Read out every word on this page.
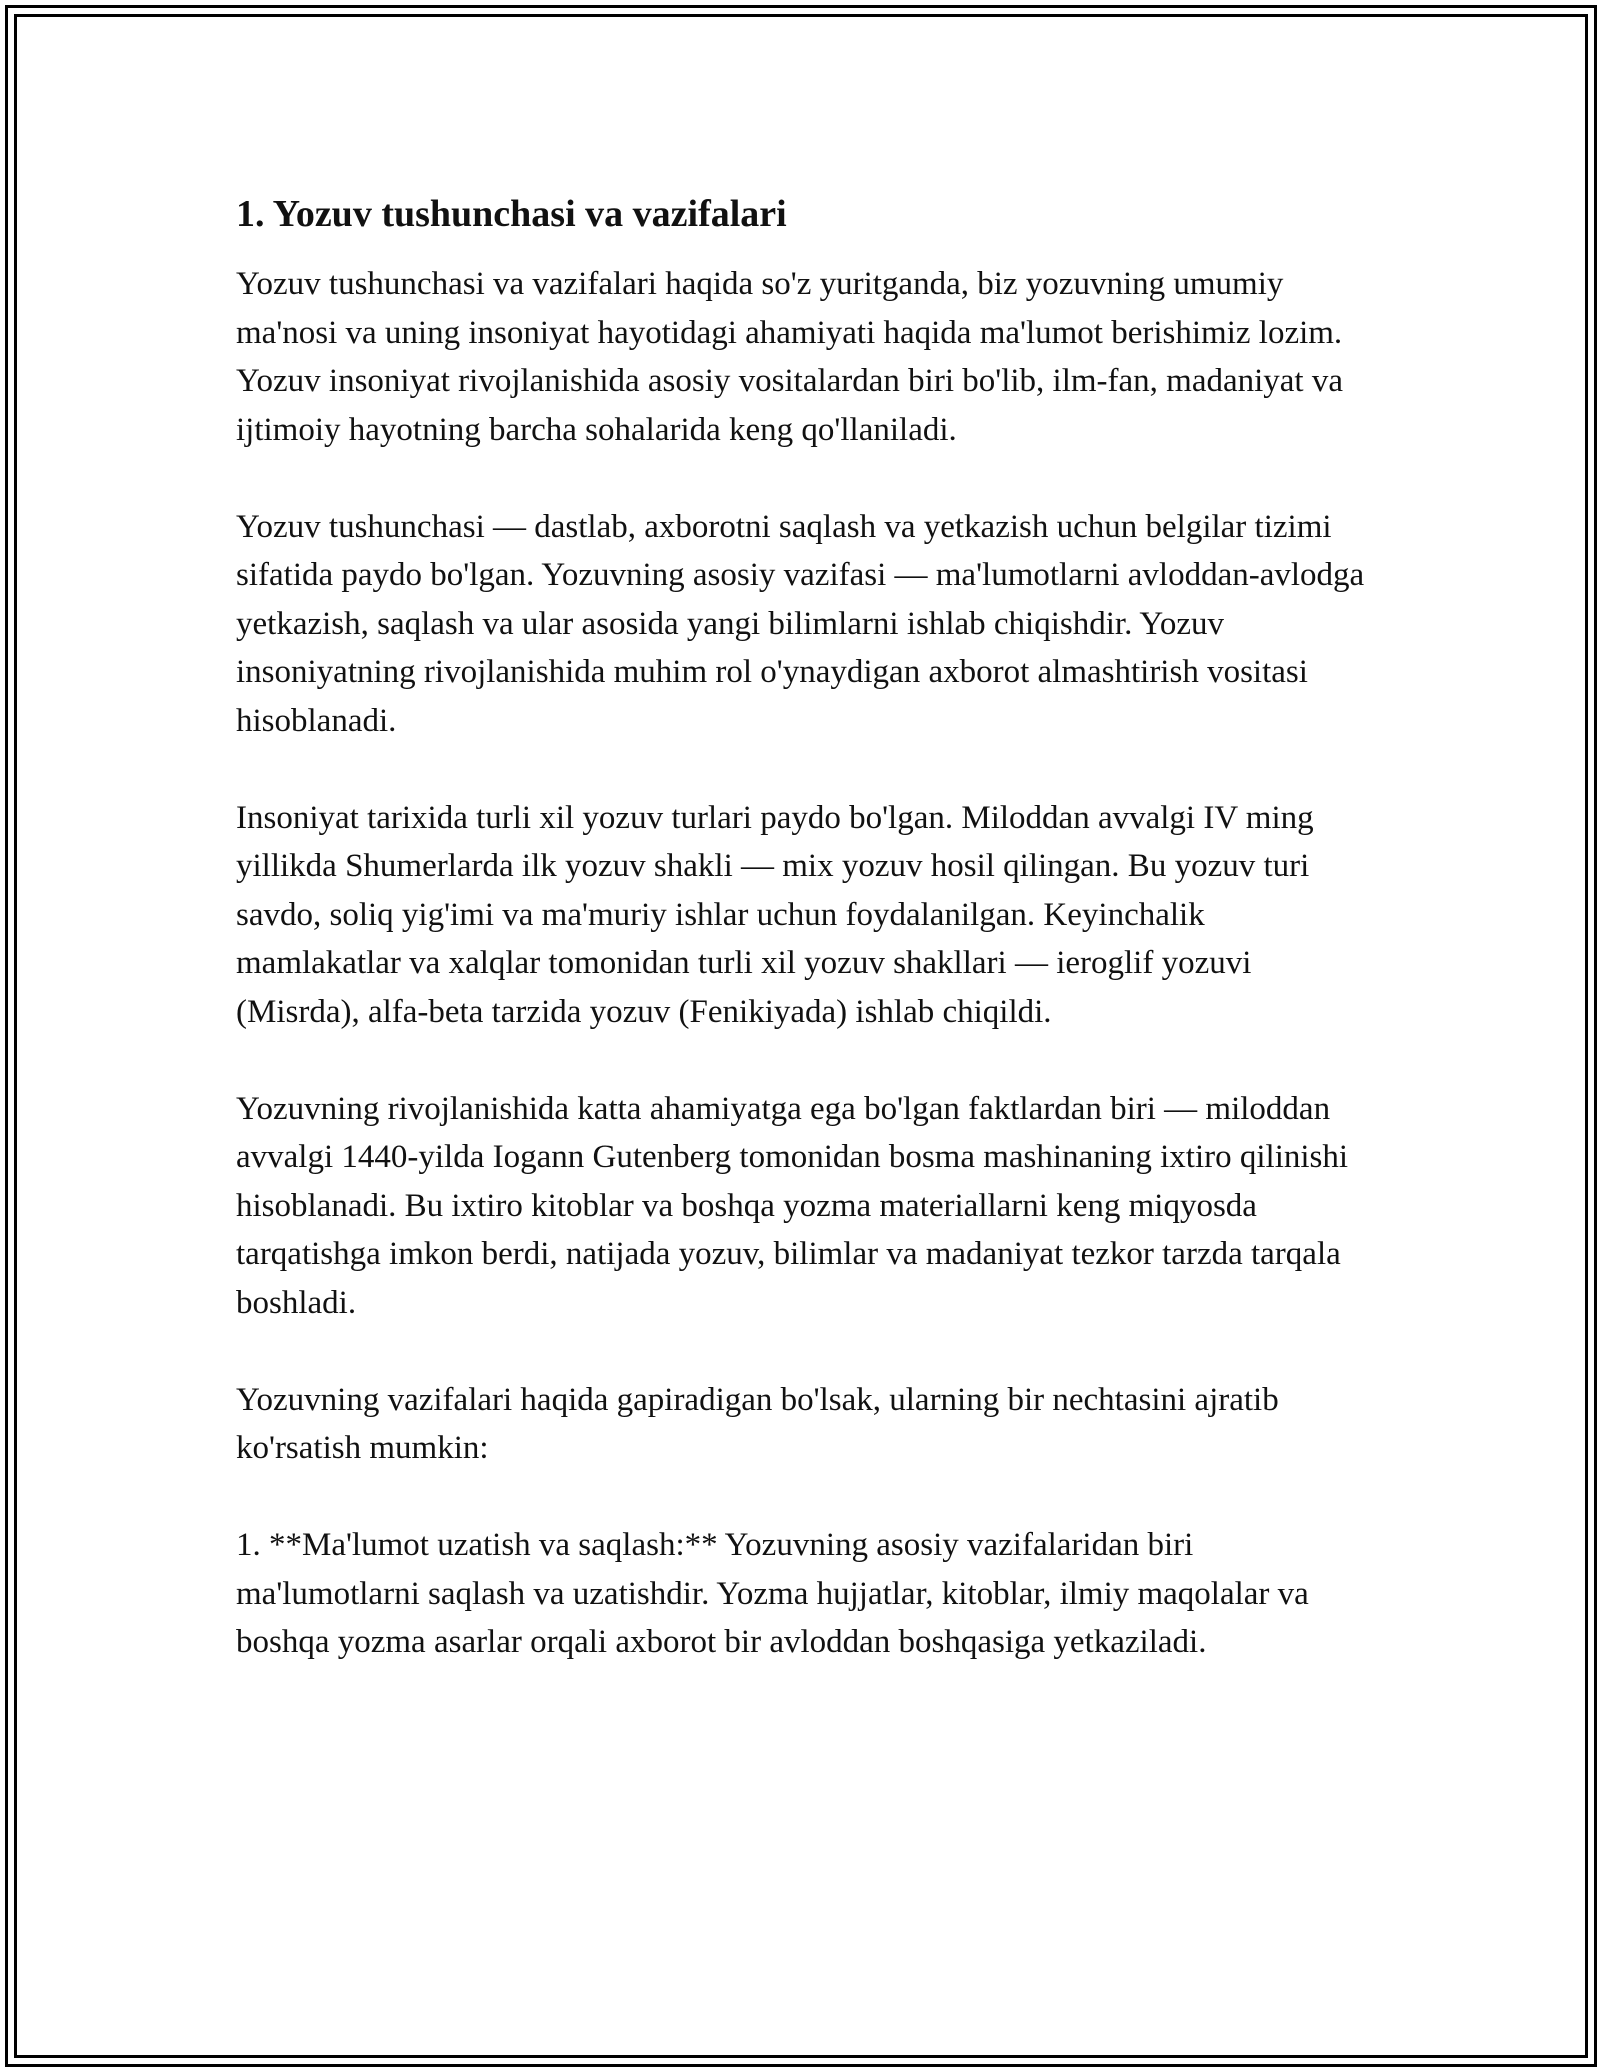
1. Yozuv tushunchasi va vazifalari

Yozuv tushunchasi va vazifalari haqida so'z yuritganda, biz yozuvning umumiy ma'nosi va uning insoniyat hayotidagi ahamiyati haqida ma'lumot berishimiz lozim. Yozuv insoniyat rivojlanishida asosiy vositalardan biri bo'lib, ilm-fan, madaniyat va ijtimoiy hayotning barcha sohalarida keng qo'llaniladi.

Yozuv tushunchasi — dastlab, axborotni saqlash va yetkazish uchun belgilar tizimi sifatida paydo bo'lgan. Yozuvning asosiy vazifasi — ma'lumotlarni avloddan-avlodga yetkazish, saqlash va ular asosida yangi bilimlarni ishlab chiqishdir. Yozuv insoniyatning rivojlanishida muhim rol o'ynaydigan axborot almashtirish vositasi hisoblanadi.

Insoniyat tarixida turli xil yozuv turlari paydo bo'lgan. Miloddan avvalgi IV ming yillikda Shumerlarda ilk yozuv shakli — mix yozuv hosil qilingan. Bu yozuv turi savdo, soliq yig'imi va ma'muriy ishlar uchun foydalanilgan. Keyinchalik mamlakatlar va xalqlar tomonidan turli xil yozuv shakllari — ieroglif yozuvi (Misrda), alfa-beta tarzida yozuv (Fenikiyada) ishlab chiqildi.

Yozuvning rivojlanishida katta ahamiyatga ega bo'lgan faktlardan biri — miloddan avvalgi 1440-yilda Iogann Gutenberg tomonidan bosma mashinaning ixtiro qilinishi hisoblanadi. Bu ixtiro kitoblar va boshqa yozma materiallarni keng miqyosda tarqatishga imkon berdi, natijada yozuv, bilimlar va madaniyat tezkor tarzda tarqala boshladi.

Yozuvning vazifalari haqida gapiradigan bo'lsak, ularning bir nechtasini ajratib ko'rsatish mumkin:

1. **Ma'lumot uzatish va saqlash:** Yozuvning asosiy vazifalaridan biri ma'lumotlarni saqlash va uzatishdir. Yozma hujjatlar, kitoblar, ilmiy maqolalar va boshqa yozma asarlar orqali axborot bir avloddan boshqasiga yetkaziladi.
